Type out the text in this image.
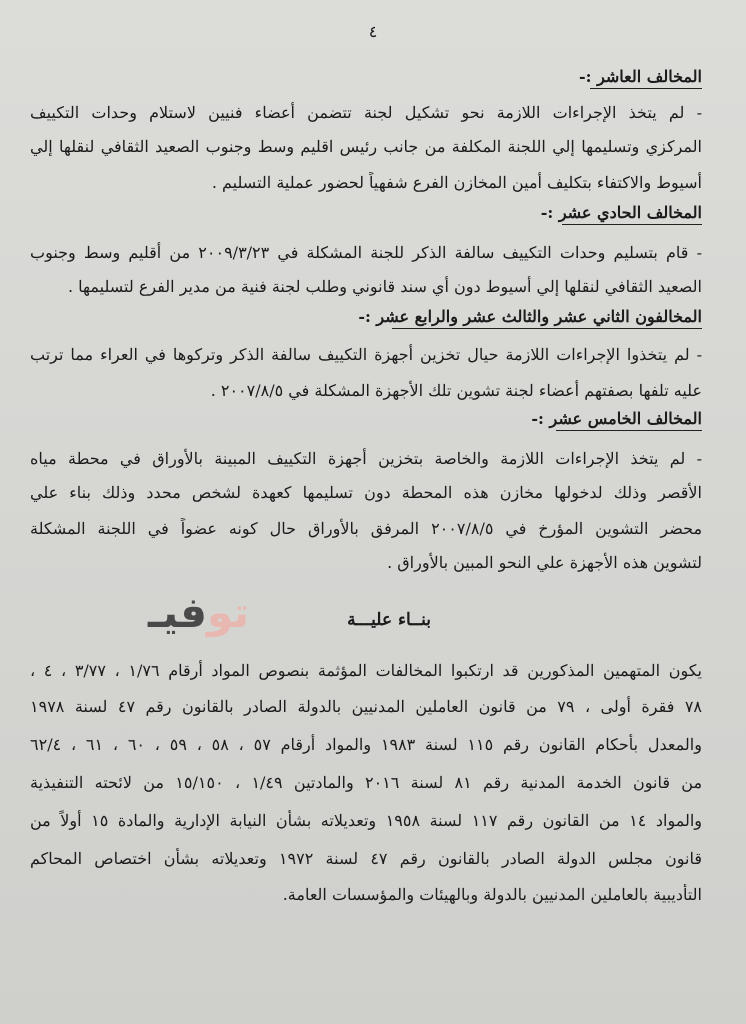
٤
المخالف العاشر :-
- لم يتخذ الإجراءات اللازمة نحو تشكيل لجنة تتضمن أعضاء فنيين لاستلام وحدات التكييف
المركزي وتسليمها إلي اللجنة المكلفة من جانب رئيس اقليم وسط وجنوب الصعيد الثقافي لنقلها إلي
أسيوط والاكتفاء بتكليف أمين المخازن الفرع شفهياً لحضور عملية التسليم .
المخالف الحادي عشر :-
- قام بتسليم وحدات التكييف سالفة الذكر للجنة المشكلة في ٢٠٠٩/٣/٢٣ من أقليم وسط وجنوب
الصعيد الثقافي لنقلها إلي أسيوط دون أي سند قانوني وطلب لجنة فنية من مدير الفرع لتسليمها .
المخالفون الثاني عشر والثالث عشر والرابع عشر :-
- لم يتخذوا الإجراءات اللازمة حيال تخزين أجهزة التكييف سالفة الذكر وتركوها في العراء مما ترتب
عليه تلفها بصفتهم أعضاء لجنة تشوين تلك الأجهزة المشكلة في ٢٠٠٧/٨/٥ .
المخالف الخامس عشر :-
- لم يتخذ الإجراءات اللازمة والخاصة بتخزين أجهزة التكييف المبينة بالأوراق في محطة مياه
الأقصر وذلك لدخولها مخازن هذه المحطة دون تسليمها كعهدة لشخص محدد وذلك بناء علي
محضر التشوين المؤرخ في ٢٠٠٧/٨/٥ المرفق بالأوراق حال كونه عضواً في اللجنة المشكلة
لتشوين هذه الأجهزة علي النحو المبين بالأوراق .
توفيـ	بنــاء عليـــة
يكون المتهمين المذكورين قد ارتكبوا المخالفات المؤثمة بنصوص المواد أرقام ١/٧٦ ، ٣/٧٧ ، ٤ ،
٧٨ فقرة أولى ، ٧٩ من قانون العاملين المدنيين بالدولة الصادر بالقانون رقم ٤٧ لسنة ١٩٧٨
والمعدل بأحكام القانون رقم ١١٥ لسنة ١٩٨٣ والمواد أرقام ٥٧ ، ٥٨ ، ٥٩ ، ٦٠ ، ٦١ ، ٦٢/٤
من قانون الخدمة المدنية رقم ٨١ لسنة ٢٠١٦ والمادتين ١/٤٩ ، ١٥/١٥٠ من لائحته التنفيذية
والمواد ١٤ من القانون رقم ١١٧ لسنة ١٩٥٨ وتعديلاته بشأن النيابة الإدارية والمادة ١٥ أولاً من
قانون مجلس الدولة الصادر بالقانون رقم ٤٧ لسنة ١٩٧٢ وتعديلاته بشأن اختصاص المحاكم
التأديبية بالعاملين المدنيين بالدولة وبالهيئات والمؤسسات العامة.
